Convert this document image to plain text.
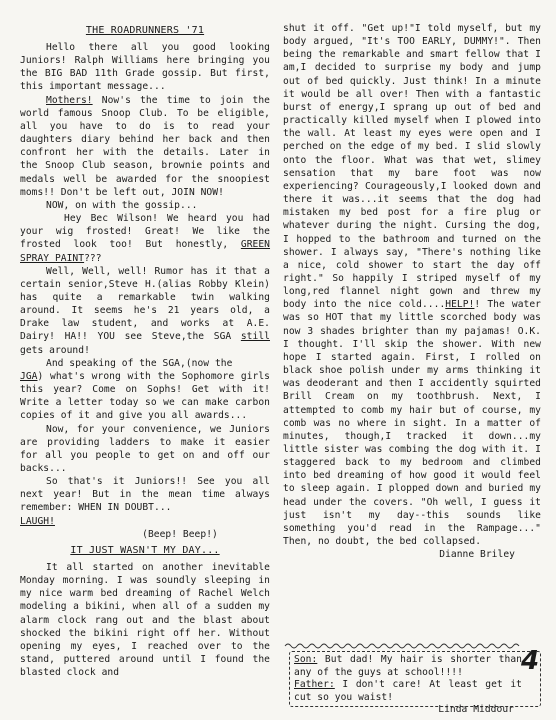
THE ROADRUNNERS '71

Hello there all you good looking Juniors! Ralph Williams here bringing you the BIG BAD 11th Grade gossip. But first, this important message...

Mothers! Now's the time to join the world famous Snoop Club. To be eligible, all you have to do is to read your daughters diary behind her back and then confront her with the details. Later in the Snoop Club season, brownie points and medals well be awarded for the snoopiest moms!! Don't be left out, JOIN NOW!

NOW, on with the gossip...

Hey Bec Wilson! We heard you had your wig frosted! Great! We like the frosted look too! But honestly, GREEN SPRAY PAINT???

Well, Well, well! Rumor has it that a certain senior,Steve H.(alias Robby Klein) has quite a remarkable twin walking around. It seems he's 21 years old, a Drake law student, and works at A.E. Dairy! HA!! YOU see Steve,the SGA still gets around!

And speaking of the SGA,(now the
JGA) what's wrong with the Sophomore girls this year? Come on Sophs! Get with it! Write a letter today so we can make carbon copies of it and give you all awards...

Now, for your convenience, we Juniors are providing ladders to make it easier for all you people to get on and off our backs...

So that's it Juniors!! See you all next year! But in the mean time always remember: WHEN IN DOUBT...
LAUGH!

(Beep! Beep!)

IT JUST WASN'T MY DAY...

It all started on another inevitable Monday morning. I was soundly sleeping in my nice warm bed dreaming of Rachel Welch modeling a bikini, when all of a sudden my alarm clock rang out and the blast about shocked the bikini right off her. Without opening my eyes, I reached over to the stand, puttered around until I found the blasted clock and

shut it off. "Get up!"I told myself, but my body argued, "It's TOO EARLY, DUMMY!". Then being the remarkable and smart fellow that I am,I decided to surprise my body and jump out of bed quickly. Just think! In a minute it would be all over! Then with a fantastic burst of energy,I sprang up out of bed and practically killed myself when I plowed into the wall. At least my eyes were open and I perched on the edge of my bed. I slid slowly onto the floor. What was that wet, slimey sensation that my bare foot was now experiencing? Courageously,I looked down and there it was...it seems that the dog had mistaken my bed post for a fire plug or whatever during the night. Cursing the dog, I hopped to the bathroom and turned on the shower. I always say, "There's nothing like a nice, cold shower to start the day off right." So happily I striped myself of my long,red flannel night gown and threw my body into the nice cold....HELP!! The water was so HOT that my little scorched body was now 3 shades brighter than my pajamas! O.K. I thought. I'll skip the shower. With new hope I started again. First, I rolled on black shoe polish under my arms thinking it was deoderant and then I accidently squirted Brill Cream on my toothbrush. Next, I attempted to comb my hair but of course, my comb was no where in sight. In a matter of minutes, though,I tracked it down...my little sister was combing the dog with it. I staggered back to my bedroom and climbed into bed dreaming of how good it would feel to sleep again. I plopped down and buried my head under the covers. "Oh well, I guess it just isn't my day--this sounds like something you'd read in the Rampage..." Then, no doubt, the bed collapsed.

Dianne Briley

Son: But dad! My hair is shorter than any of the guys at school!!!!

Father: I don't care! At least get it cut so you waist!

Linda Middour

4
